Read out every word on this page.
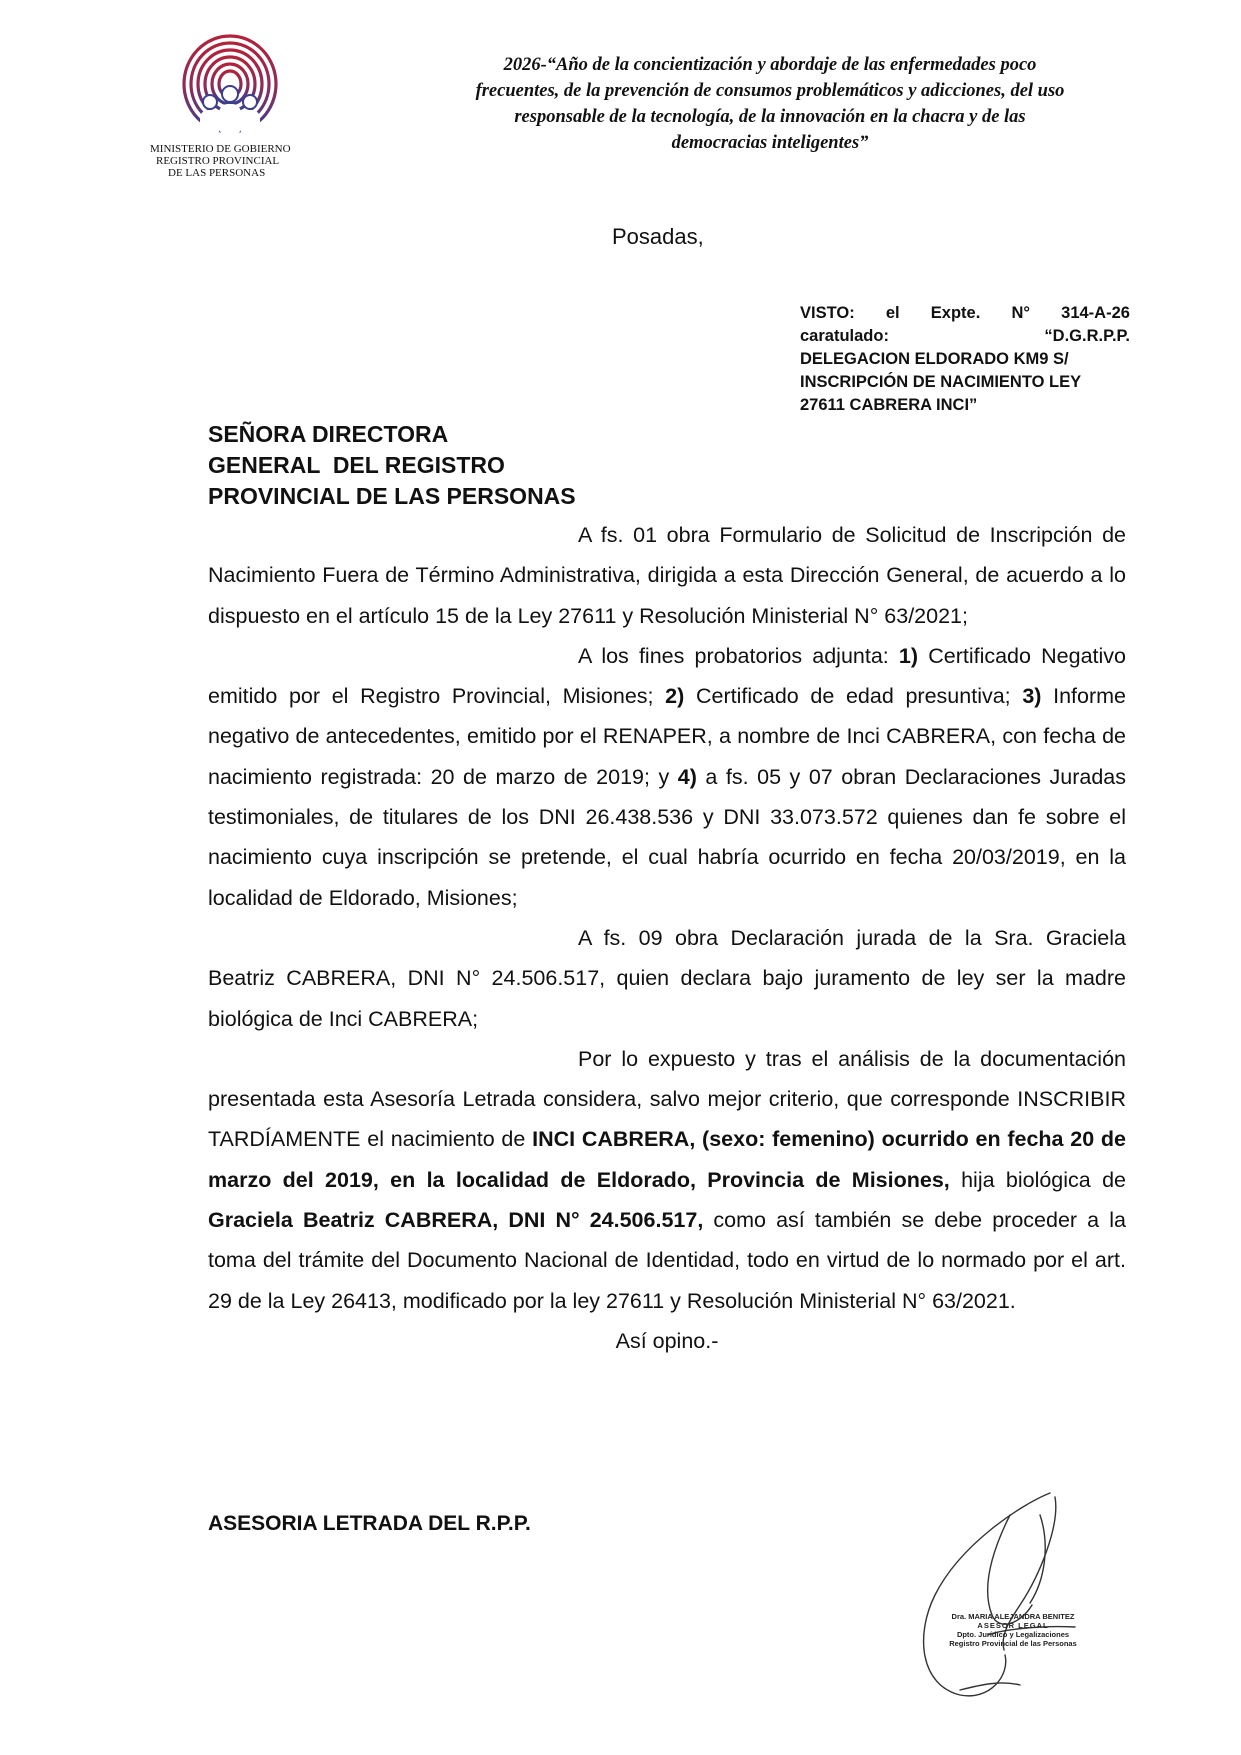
MINISTERIO DE GOBIERNO
REGISTRO PROVINCIAL
DE LAS PERSONAS
2026-“Año de la concientización y abordaje de las enfermedades poco
frecuentes, de la prevención de consumos problemáticos y adicciones, del uso
responsable de la tecnología, de la innovación en la chacra y de las
democracias inteligentes”
Posadas,
VISTO: el Expte. N° 314-A-26
caratulado:	“D.G.R.P.P.
DELEGACION ELDORADO KM9 S/
INSCRIPCIÓN DE NACIMIENTO LEY
27611 CABRERA INCI”
SEÑORA DIRECTORA
GENERAL  DEL REGISTRO
PROVINCIAL DE LAS PERSONAS

A fs. 01 obra Formulario de Solicitud de Inscripción de Nacimiento Fuera de Término Administrativa, dirigida a esta Dirección General, de acuerdo a lo dispuesto en el artículo 15 de la Ley 27611 y Resolución Ministerial N° 63/2021;

A los fines probatorios adjunta: 1) Certificado Negativo emitido por el Registro Provincial, Misiones; 2) Certificado de edad presuntiva; 3) Informe negativo de antecedentes, emitido por el RENAPER, a nombre de Inci CABRERA, con fecha de nacimiento registrada: 20 de marzo de 2019; y 4) a fs. 05 y 07 obran Declaraciones Juradas testimoniales, de titulares de los DNI 26.438.536 y DNI 33.073.572 quienes dan fe sobre el nacimiento cuya inscripción se pretende, el cual habría ocurrido en fecha 20/03/2019, en la localidad de Eldorado, Misiones;

A fs. 09 obra Declaración jurada de la Sra. Graciela Beatriz CABRERA, DNI N° 24.506.517, quien declara bajo juramento de ley ser la madre biológica de Inci CABRERA;

Por lo expuesto y tras el análisis de la documentación presentada esta Asesoría Letrada considera, salvo mejor criterio, que corresponde INSCRIBIR TARDÍAMENTE el nacimiento de INCI CABRERA, (sexo: femenino) ocurrido en fecha 20 de marzo del 2019, en la localidad de Eldorado, Provincia de Misiones, hija biológica de Graciela Beatriz CABRERA, DNI N° 24.506.517, como así también se debe proceder a la toma del trámite del Documento Nacional de Identidad, todo en virtud de lo normado por el art. 29 de la Ley 26413, modificado por la ley 27611 y Resolución Ministerial N° 63/2021.

Así opino.-

ASESORIA LETRADA DEL R.P.P.
Dra. MARIA ALEJANDRA BENITEZ
ASESOR LEGAL
Dpto. Jurídico y Legalizaciones
Registro Provincial de las Personas
